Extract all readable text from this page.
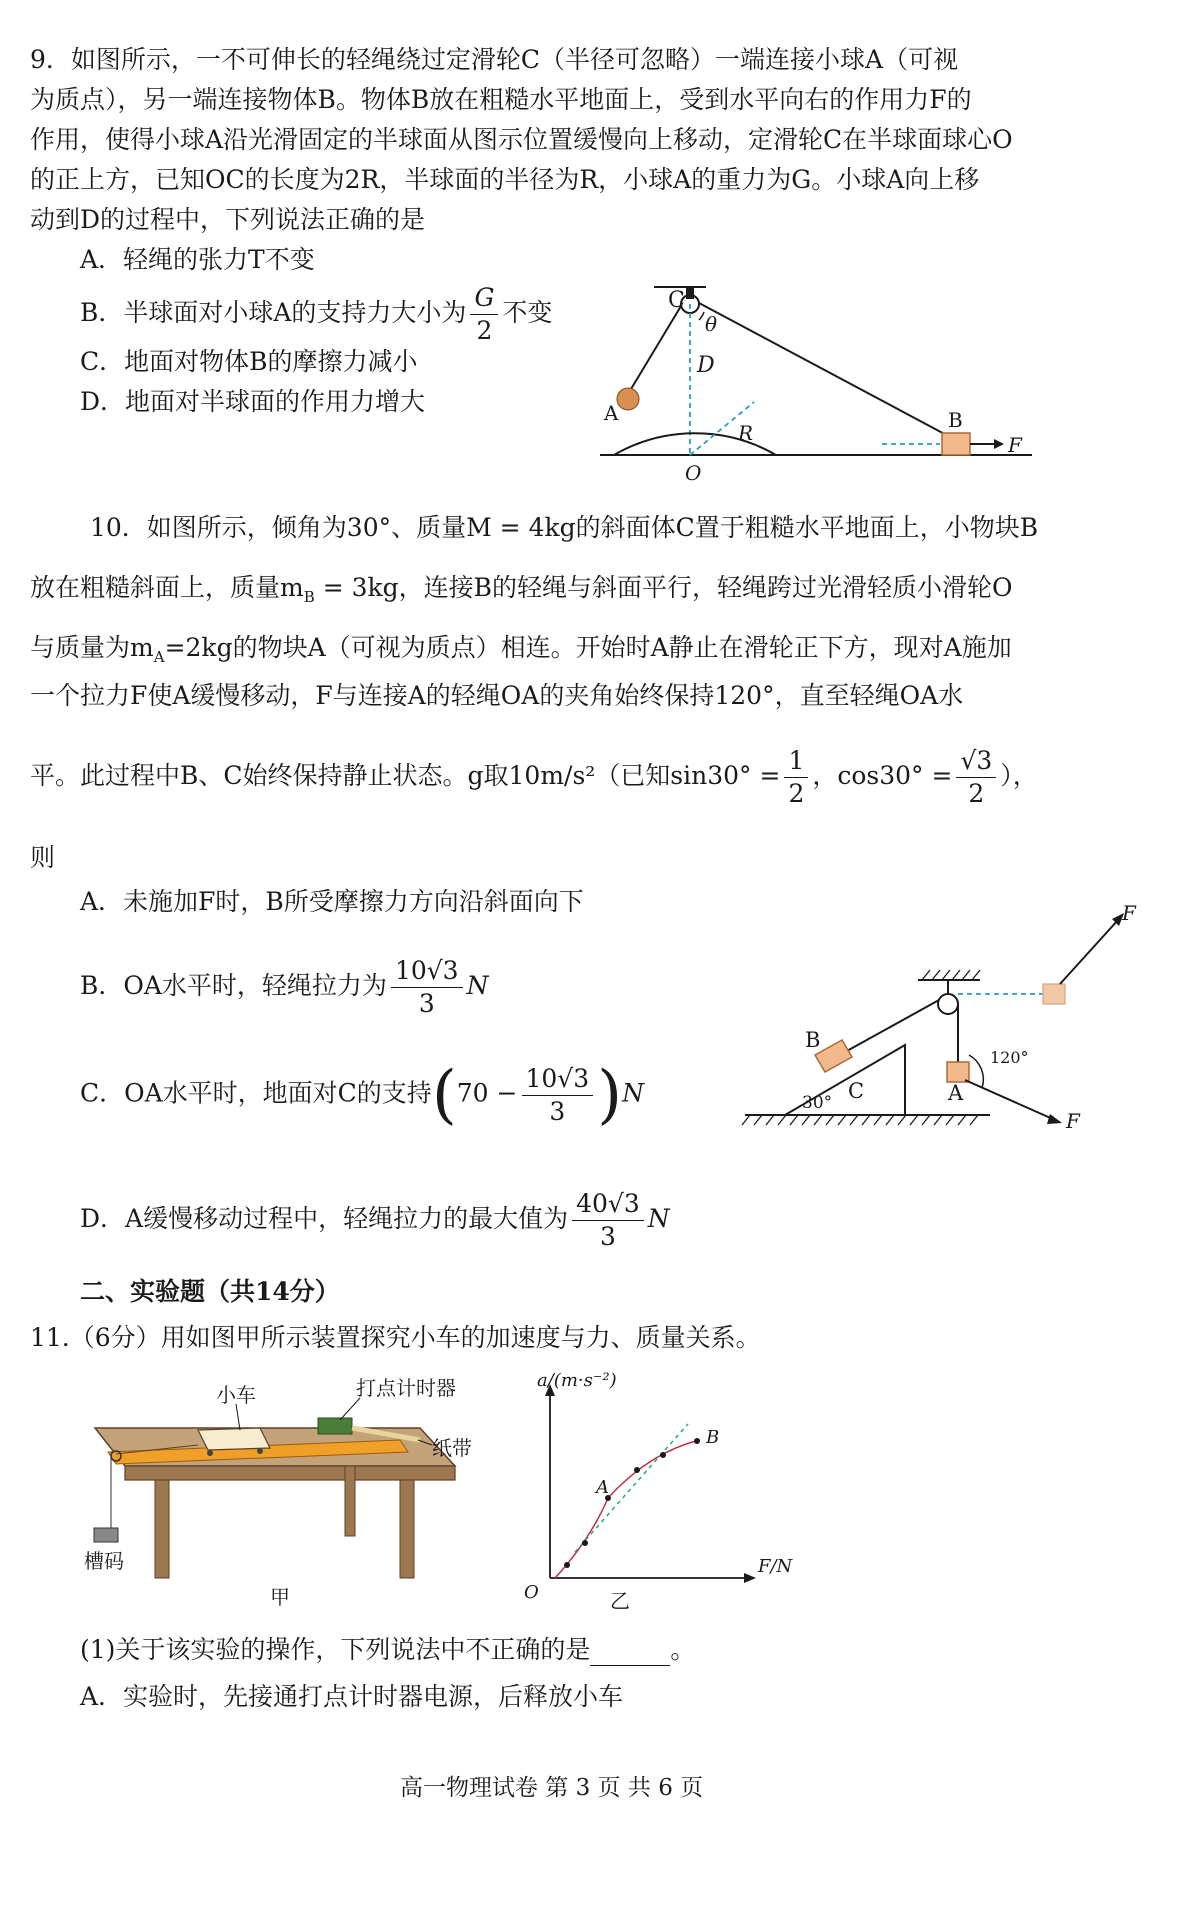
9．如图所示，一不可伸长的轻绳绕过定滑轮C（半径可忽略）一端连接小球A（可视
为质点），另一端连接物体B。物体B放在粗糙水平地面上，受到水平向右的作用力F的
作用，使得小球A沿光滑固定的半球面从图示位置缓慢向上移动，定滑轮C在半球面球心O
的正上方，已知OC的长度为2R，半球面的半径为R，小球A的重力为G。小球A向上移
动到D的过程中，下列说法正确的是
A．轻绳的张力T不变
B．半球面对小球A的支持力大小为 $\frac{G}{2}$ 不变
C．地面对物体B的摩擦力减小
D．地面对半球面的作用力增大
C
θ
D
A
R
O
B
F
10．如图所示，倾角为30°、质量M = 4kg的斜面体C置于粗糙水平地面上，小物块B
放在粗糙斜面上，质量$m_B = 3kg$，连接B的轻绳与斜面平行，轻绳跨过光滑轻质小滑轮O
与质量为$m_A=2kg$的物块A（可视为质点）相连。开始时A静止在滑轮正下方，现对A施加
一个拉力F使A缓慢移动，F与连接A的轻绳OA的夹角始终保持120°，直至轻绳OA水
平。此过程中B、C始终保持静止状态。g取10m/s²（已知$\sin 30^\circ = \frac{1}{2}$ ，$\cos 30^\circ = \frac{√3}{2}$ ），
则
A．未施加F时，B所受摩擦力方向沿斜面向下
B．OA水平时，轻绳拉力为 $\frac{10√3}{3}$ N
C．OA水平时，地面对C的支持$(70 - \frac{10√3}{3} )N$
D．A缓慢移动过程中，轻绳拉力的最大值为 $\frac{40√3}{3}$ N
F
B
30° C	A
120°
F
二、实验题（共14分）
11.（6分）用如图甲所示装置探究小车的加速度与力、质量关系。
小车	打点计时器
纸带
槽码
甲
a/(m·s⁻²)
F/N
O
A
B
乙
(1)关于该实验的操作，下列说法中不正确的是	。
A．实验时，先接通打点计时器电源，后释放小车
高一物理试卷 第 3 页 共 6 页
